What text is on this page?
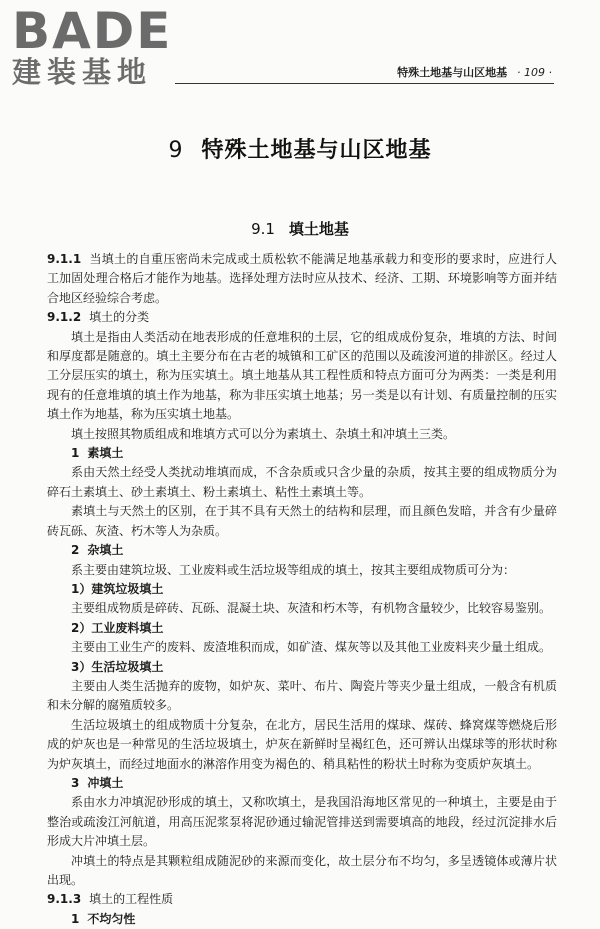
BADE
建装基地	特殊土地基与山区地基 · 109 ·
9 特殊土地基与山区地基
9.1 填土地基

9.1.1 当填土的自重压密尚未完成或土质松软不能满足地基承载力和变形的要求时，应进行人工加固处理合格后才能作为地基。选择处理方法时应从技术、经济、工期、环境影响等方面并结合地区经验综合考虑。

9.1.2 填土的分类

填土是指由人类活动在地表形成的任意堆积的土层，它的组成成份复杂，堆填的方法、时间和厚度都是随意的。填土主要分布在古老的城镇和工矿区的范围以及疏浚河道的排淤区。经过人工分层压实的填土，称为压实填土。填土地基从其工程性质和特点方面可分为两类：一类是利用现有的任意堆填的填土作为地基，称为非压实填土地基；另一类是以有计划、有质量控制的压实填土作为地基，称为压实填土地基。

填土按照其物质组成和堆填方式可以分为素填土、杂填土和冲填土三类。

1 素填土

系由天然土经受人类扰动堆填而成，不含杂质或只含少量的杂质，按其主要的组成物质分为碎石土素填土、砂土素填土、粉土素填土、粘性土素填土等。

素填土与天然土的区别，在于其不具有天然土的结构和层理，而且颜色发暗，并含有少量碎砖瓦砾、灰渣、朽木等人为杂质。

2 杂填土

系主要由建筑垃圾、工业废料或生活垃圾等组成的填土，按其主要组成物质可分为：

1）建筑垃圾填土

主要组成物质是碎砖、瓦砾、混凝土块、灰渣和朽木等，有机物含量较少，比较容易鉴别。

2）工业废料填土

主要由工业生产的废料、废渣堆积而成，如矿渣、煤灰等以及其他工业废料夹少量土组成。

3）生活垃圾填土

主要由人类生活抛弃的废物，如炉灰、菜叶、布片、陶瓷片等夹少量土组成，一般含有机质和未分解的腐殖质较多。

生活垃圾填土的组成物质十分复杂，在北方，居民生活用的煤球、煤砖、蜂窝煤等燃烧后形成的炉灰也是一种常见的生活垃圾填土，炉灰在新鲜时呈褐红色，还可辨认出煤球等的形状时称为炉灰填土，而经过地面水的淋溶作用变为褐色的、稍具粘性的粉状土时称为变质炉灰填土。

3 冲填土

系由水力冲填泥砂形成的填土，又称吹填土，是我国沿海地区常见的一种填土，主要是由于整治或疏浚江河航道，用高压泥浆泵将泥砂通过输泥管排送到需要填高的地段，经过沉淀排水后形成大片冲填土层。

冲填土的特点是其颗粒组成随泥砂的来源而变化，故土层分布不均匀，多呈透镜体或薄片状出现。

9.1.3 填土的工程性质

1 不均匀性
